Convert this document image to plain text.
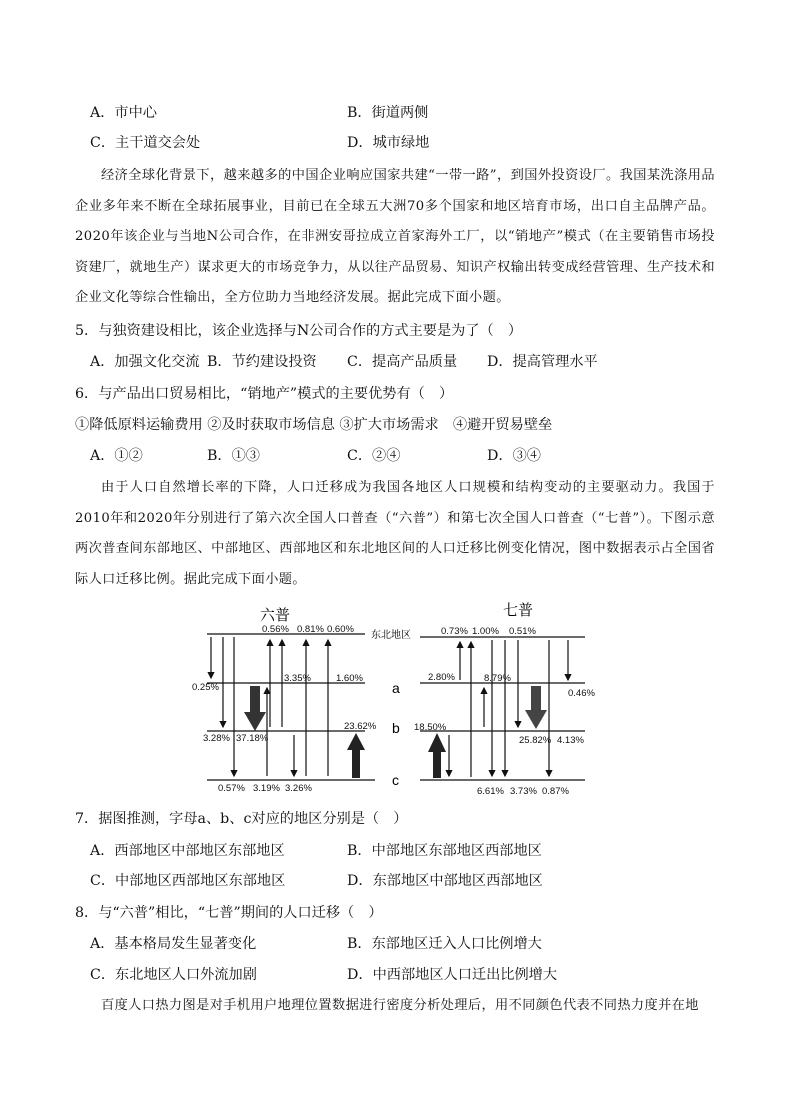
A．市中心	B．街道两侧
C．主干道交会处	D．城市绿地
经济全球化背景下，越来越多的中国企业响应国家共建“一带一路”，到国外投资设厂。我国某洗涤用品企业多年来不断在全球拓展事业，目前已在全球五大洲70多个国家和地区培育市场，出口自主品牌产品。2020年该企业与当地N公司合作，在非洲安哥拉成立首家海外工厂，以“销地产”模式（在主要销售市场投资建厂，就地生产）谋求更大的市场竞争力，从以往产品贸易、知识产权输出转变成经营管理、生产技术和企业文化等综合性输出，全方位助力当地经济发展。据此完成下面小题。
5．与独资建设相比，该企业选择与N公司合作的方式主要是为了（　）
A．加强文化交流 B．节约建设投资 C．提高产品质量 D．提高管理水平
6．与产品出口贸易相比，“销地产”模式的主要优势有（　）
①降低原料运输费用 ②及时获取市场信息 ③扩大市场需求　④避开贸易壁垒
A．①②	B．①③	C．②④	D．③④
由于人口自然增长率的下降，人口迁移成为我国各地区人口规模和结构变动的主要驱动力。我国于2010年和2020年分别进行了第六次全国人口普查（“六普”）和第七次全国人口普查（“七普”）。下图示意两次普查间东部地区、中部地区、西部地区和东北地区间的人口迁移比例变化情况，图中数据表示占全国省际人口迁移比例。据此完成下面小题。
六普	七普
东北地区
a
b
c
0.56% 0.81% 0.60%
0.25%
3.35%	1.60%
23.62%
3.28% 37.18%
0.57% 3.19% 3.26%
0.73% 1.00% 0.51%
2.80%	8.79%
0.46%
18.50%
25.82% 4.13%
6.61% 3.73% 0.87%
7．据图推测，字母a、b、c对应的地区分别是（　）
A．西部地区中部地区东部地区	B．中部地区东部地区西部地区
C．中部地区西部地区东部地区	D．东部地区中部地区西部地区
8．与“六普”相比，“七普”期间的人口迁移（　）
A．基本格局发生显著变化	B．东部地区迁入人口比例增大
C．东北地区人口外流加剧	D．中西部地区人口迁出比例增大
百度人口热力图是对手机用户地理位置数据进行密度分析处理后，用不同颜色代表不同热力度并在地
